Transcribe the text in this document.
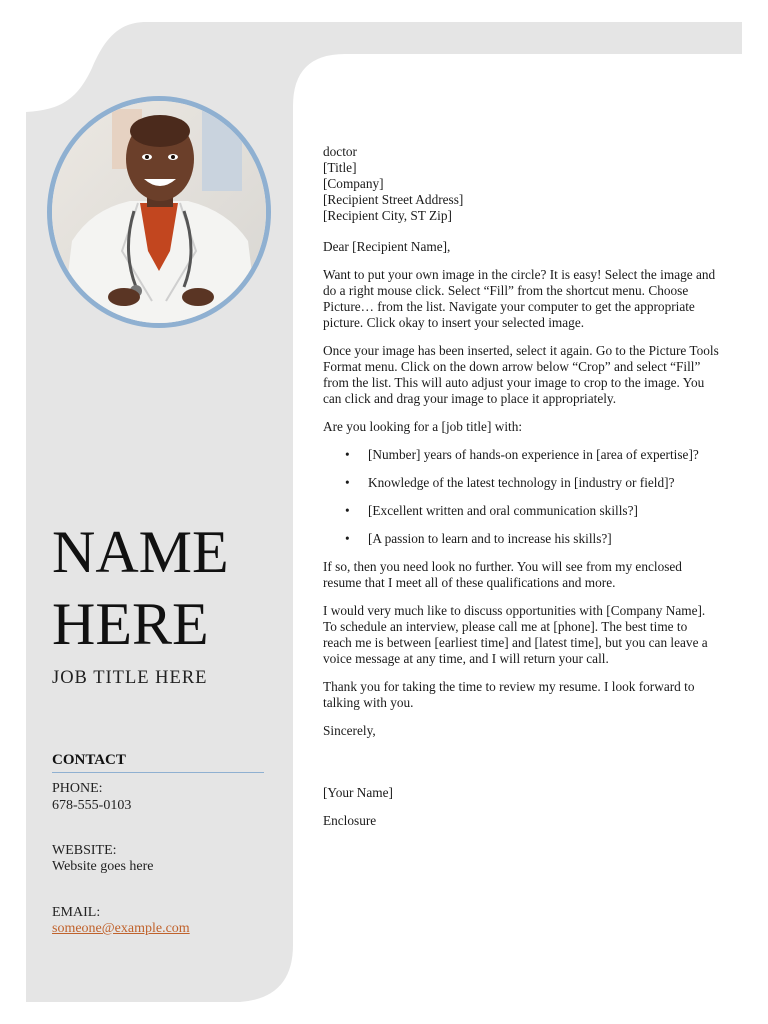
NAME
HERE
JOB TITLE HERE
CONTACT
PHONE:
678-555-0103
WEBSITE:
Website goes here
EMAIL:
someone@example.com
doctor
[Title]
[Company]
[Recipient Street Address]
[Recipient City, ST Zip]

Dear [Recipient Name],

Want to put your own image in the circle? It is easy! Select the image and do a right mouse click. Select “Fill” from the shortcut menu. Choose Picture… from the list. Navigate your computer to get the appropriate picture. Click okay to insert your selected image.

Once your image has been inserted, select it again. Go to the Picture Tools Format menu. Click on the down arrow below “Crop” and select “Fill” from the list. This will auto adjust your image to crop to the image. You can click and drag your image to place it appropriately.

Are you looking for a [job title] with:

• [Number] years of hands-on experience in [area of expertise]?
• Knowledge of the latest technology in [industry or field]?
• [Excellent written and oral communication skills?]
• [A passion to learn and to increase his skills?]

If so, then you need look no further. You will see from my enclosed resume that I meet all of these qualifications and more.

I would very much like to discuss opportunities with [Company Name]. To schedule an interview, please call me at [phone]. The best time to reach me is between [earliest time] and [latest time], but you can leave a voice message at any time, and I will return your call.

Thank you for taking the time to review my resume. I look forward to talking with you.

Sincerely,

[Your Name]

Enclosure
